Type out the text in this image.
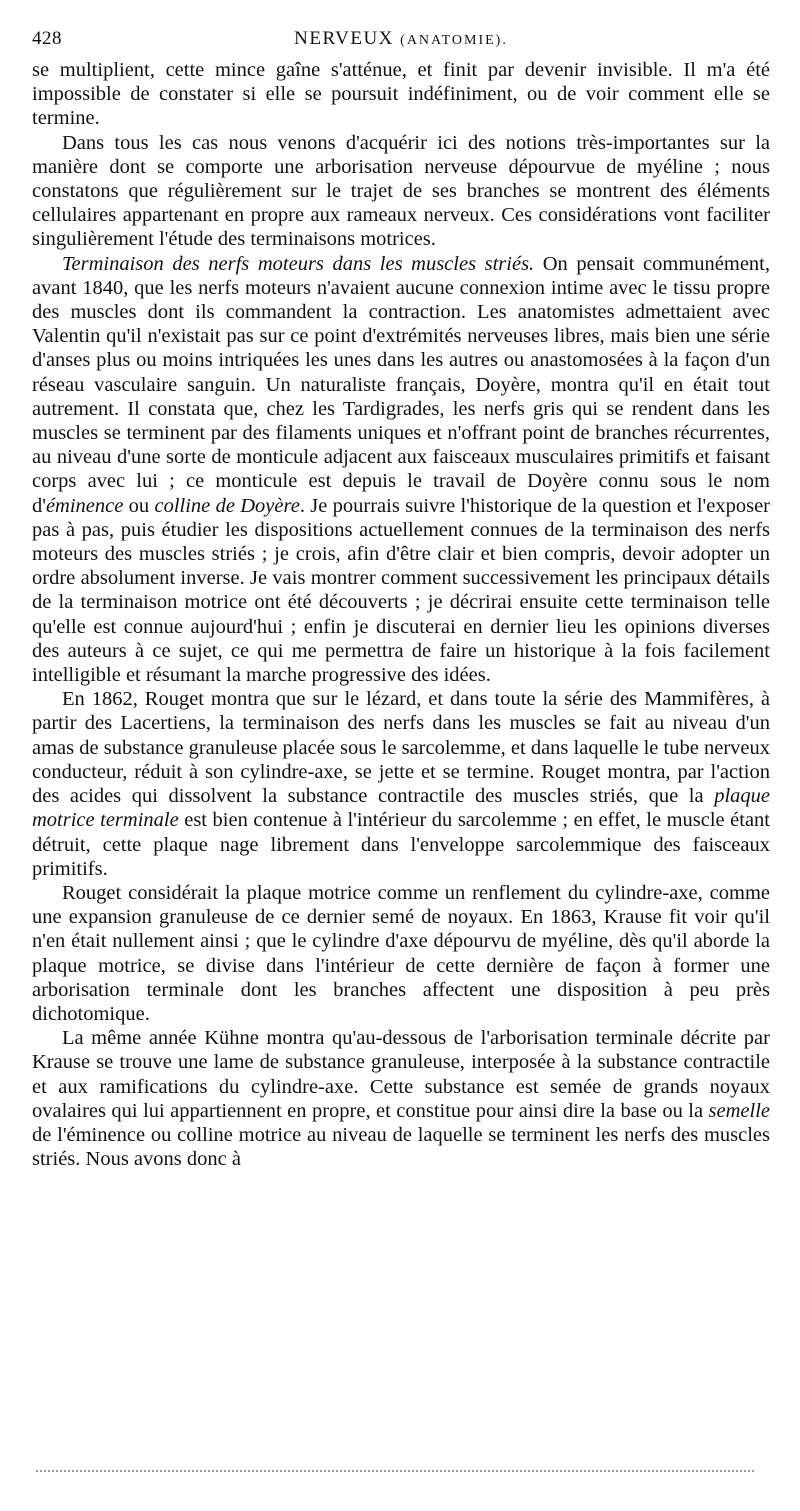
428	NERVEUX (ANATOMIE).

se multiplient, cette mince gaîne s'atténue, et finit par devenir invisible. Il m'a été impossible de constater si elle se poursuit indéfiniment, ou de voir comment elle se termine.

Dans tous les cas nous venons d'acquérir ici des notions très-importantes sur la manière dont se comporte une arborisation nerveuse dépourvue de myéline ; nous constatons que régulièrement sur le trajet de ses branches se montrent des éléments cellulaires appartenant en propre aux rameaux nerveux. Ces considérations vont faciliter singulièrement l'étude des terminaisons motrices.

Terminaison des nerfs moteurs dans les muscles striés. On pensait communément, avant 1840, que les nerfs moteurs n'avaient aucune connexion intime avec le tissu propre des muscles dont ils commandent la contraction. Les anatomistes admettaient avec Valentin qu'il n'existait pas sur ce point d'extrémités nerveuses libres, mais bien une série d'anses plus ou moins intriquées les unes dans les autres ou anastomosées à la façon d'un réseau vasculaire sanguin. Un naturaliste français, Doyère, montra qu'il en était tout autrement. Il constata que, chez les Tardigrades, les nerfs gris qui se rendent dans les muscles se terminent par des filaments uniques et n'offrant point de branches récurrentes, au niveau d'une sorte de monticule adjacent aux faisceaux musculaires primitifs et faisant corps avec lui ; ce monticule est depuis le travail de Doyère connu sous le nom d'éminence ou colline de Doyère. Je pourrais suivre l'historique de la question et l'exposer pas à pas, puis étudier les dispositions actuellement connues de la terminaison des nerfs moteurs des muscles striés ; je crois, afin d'être clair et bien compris, devoir adopter un ordre absolument inverse. Je vais montrer comment successivement les principaux détails de la terminaison motrice ont été découverts ; je décrirai ensuite cette terminaison telle qu'elle est connue aujourd'hui ; enfin je discuterai en dernier lieu les opinions diverses des auteurs à ce sujet, ce qui me permettra de faire un historique à la fois facilement intelligible et résumant la marche progressive des idées.

En 1862, Rouget montra que sur le lézard, et dans toute la série des Mammifères, à partir des Lacertiens, la terminaison des nerfs dans les muscles se fait au niveau d'un amas de substance granuleuse placée sous le sarcolemme, et dans laquelle le tube nerveux conducteur, réduit à son cylindre-axe, se jette et se termine. Rouget montra, par l'action des acides qui dissolvent la substance contractile des muscles striés, que la plaque motrice terminale est bien contenue à l'intérieur du sarcolemme ; en effet, le muscle étant détruit, cette plaque nage librement dans l'enveloppe sarcolemmique des faisceaux primitifs.

Rouget considérait la plaque motrice comme un renflement du cylindre-axe, comme une expansion granuleuse de ce dernier semé de noyaux. En 1863, Krause fit voir qu'il n'en était nullement ainsi ; que le cylindre d'axe dépourvu de myéline, dès qu'il aborde la plaque motrice, se divise dans l'intérieur de cette dernière de façon à former une arborisation terminale dont les branches affectent une disposition à peu près dichotomique.

La même année Kühne montra qu'au-dessous de l'arborisation terminale décrite par Krause se trouve une lame de substance granuleuse, interposée à la substance contractile et aux ramifications du cylindre-axe. Cette substance est semée de grands noyaux ovalaires qui lui appartiennent en propre, et constitue pour ainsi dire la base ou la semelle de l'éminence ou colline motrice au niveau de laquelle se terminent les nerfs des muscles striés. Nous avons donc à
